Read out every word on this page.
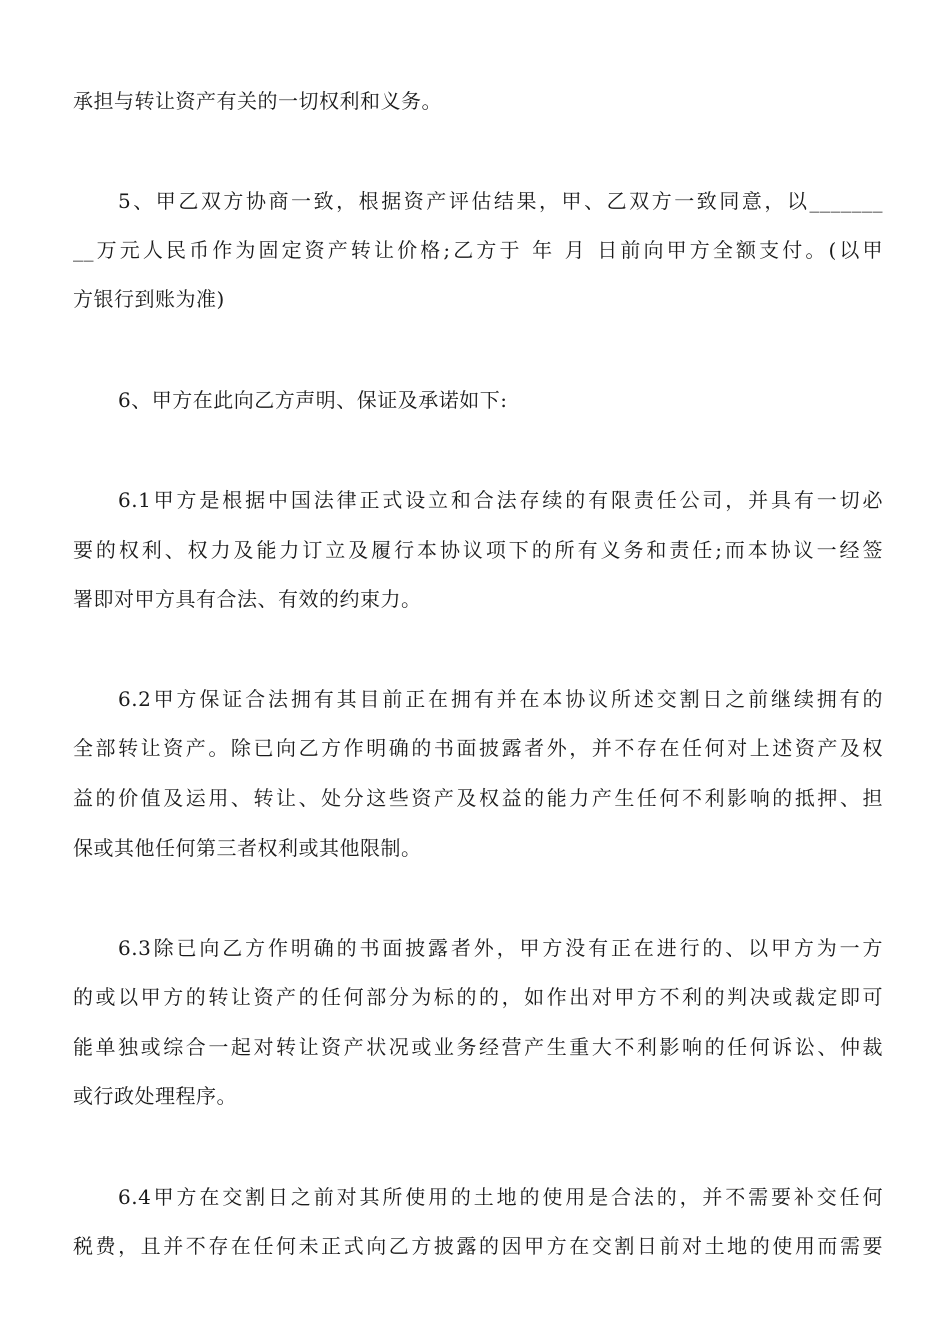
承担与转让资产有关的一切权利和义务。
5、甲乙双方协商一致，根据资产评估结果，甲、乙双方一致同意，以_______
__万元人民币作为固定资产转让价格;乙方于 年 月 日前向甲方全额支付。(以甲
方银行到账为准)
6、甲方在此向乙方声明、保证及承诺如下:
6.1甲方是根据中国法律正式设立和合法存续的有限责任公司，并具有一切必
要的权利、权力及能力订立及履行本协议项下的所有义务和责任;而本协议一经签
署即对甲方具有合法、有效的约束力。
6.2甲方保证合法拥有其目前正在拥有并在本协议所述交割日之前继续拥有的
全部转让资产。除已向乙方作明确的书面披露者外，并不存在任何对上述资产及权
益的价值及运用、转让、处分这些资产及权益的能力产生任何不利影响的抵押、担
保或其他任何第三者权利或其他限制。
6.3除已向乙方作明确的书面披露者外，甲方没有正在进行的、以甲方为一方
的或以甲方的转让资产的任何部分为标的的，如作出对甲方不利的判决或裁定即可
能单独或综合一起对转让资产状况或业务经营产生重大不利影响的任何诉讼、仲裁
或行政处理程序。
6.4甲方在交割日之前对其所使用的土地的使用是合法的，并不需要补交任何
税费，且并不存在任何未正式向乙方披露的因甲方在交割日前对土地的使用而需要
